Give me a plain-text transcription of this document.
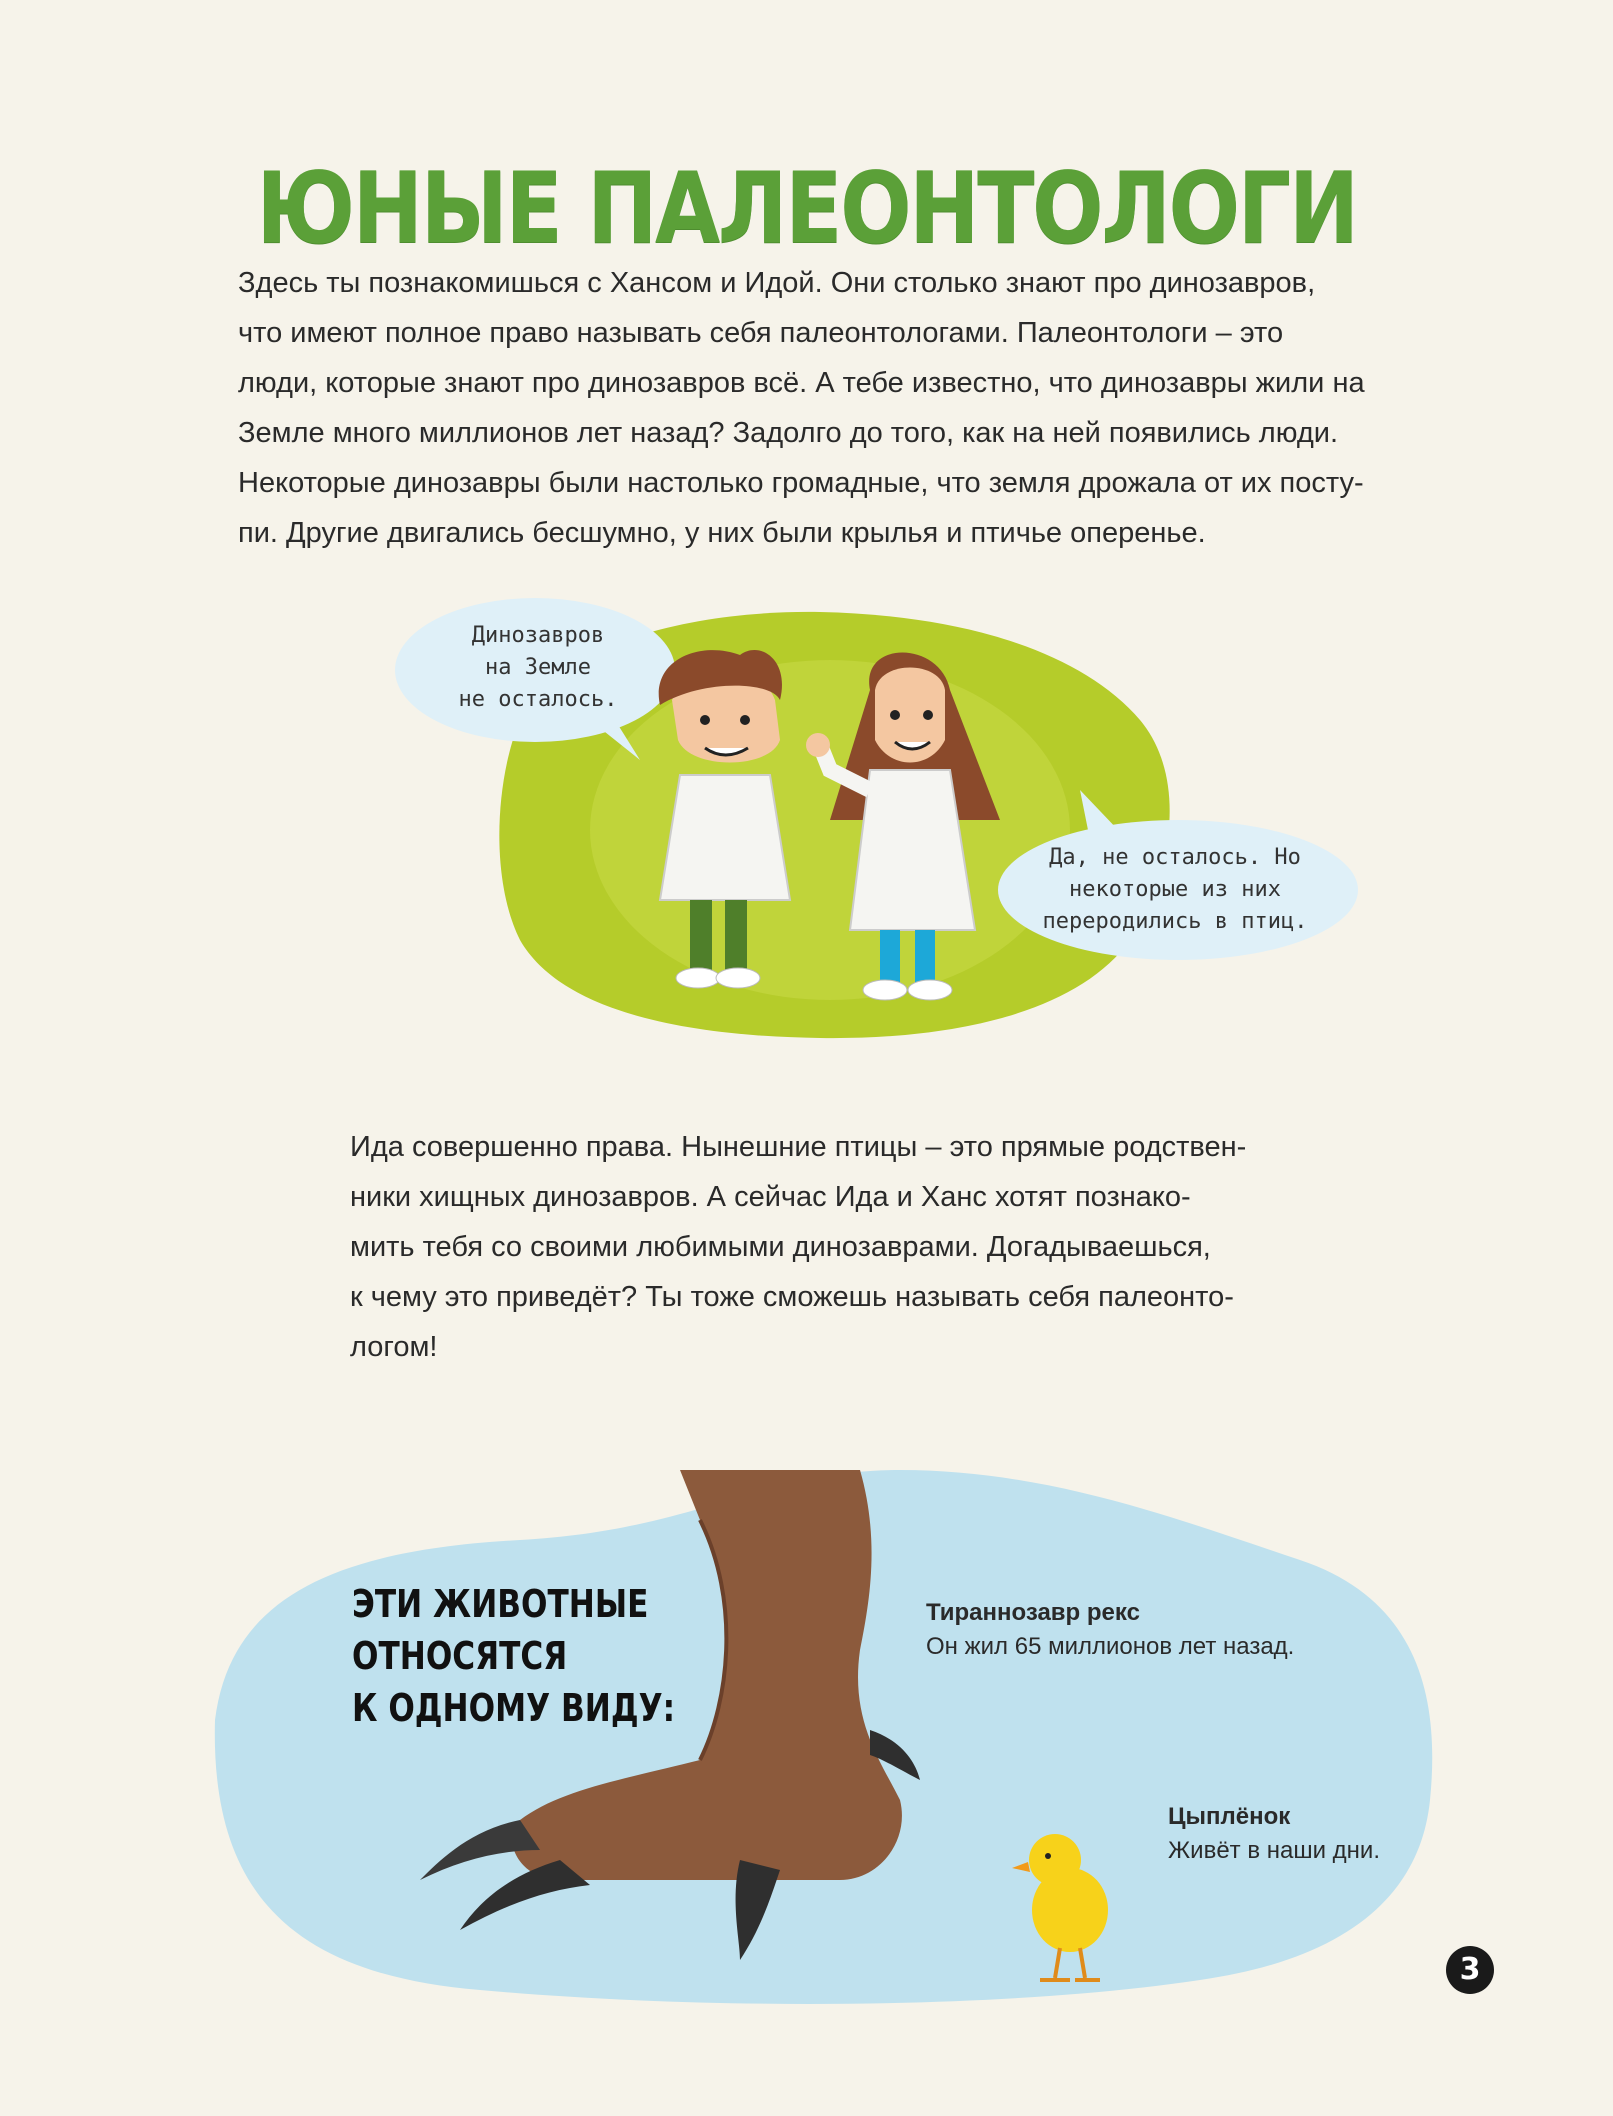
ЮНЫЕ ПАЛЕОНТОЛОГИ
Здесь ты познакомишься с Хансом и Идой. Они столько знают про динозавров,
что имеют полное право называть себя палеонтологами. Палеонтологи – это
люди, которые знают про динозавров всё. А тебе известно, что динозавры жили на
Земле много миллионов лет назад? Задолго до того, как на ней появились люди.
Некоторые динозавры были настолько громадные, что земля дрожала от их посту-
пи. Другие двигались бесшумно, у них были крылья и птичье оперенье.
Динозавров
на Земле
не осталось.
Да, не осталось. Но
некоторые из них
переродились в птиц.
Ида совершенно права. Нынешние птицы – это прямые родствен-
ники хищных динозавров. А сейчас Ида и Ханс хотят познако-
мить тебя со своими любимыми динозаврами. Догадываешься,
к чему это приведёт? Ты тоже сможешь называть себя палеонто-
логом!
ЭТИ ЖИВОТНЫЕ
ОТНОСЯТСЯ
К ОДНОМУ ВИДУ:
Тираннозавр рекс
Он жил 65 миллионов лет назад.
Цыплёнок
Живёт в наши дни.
3
